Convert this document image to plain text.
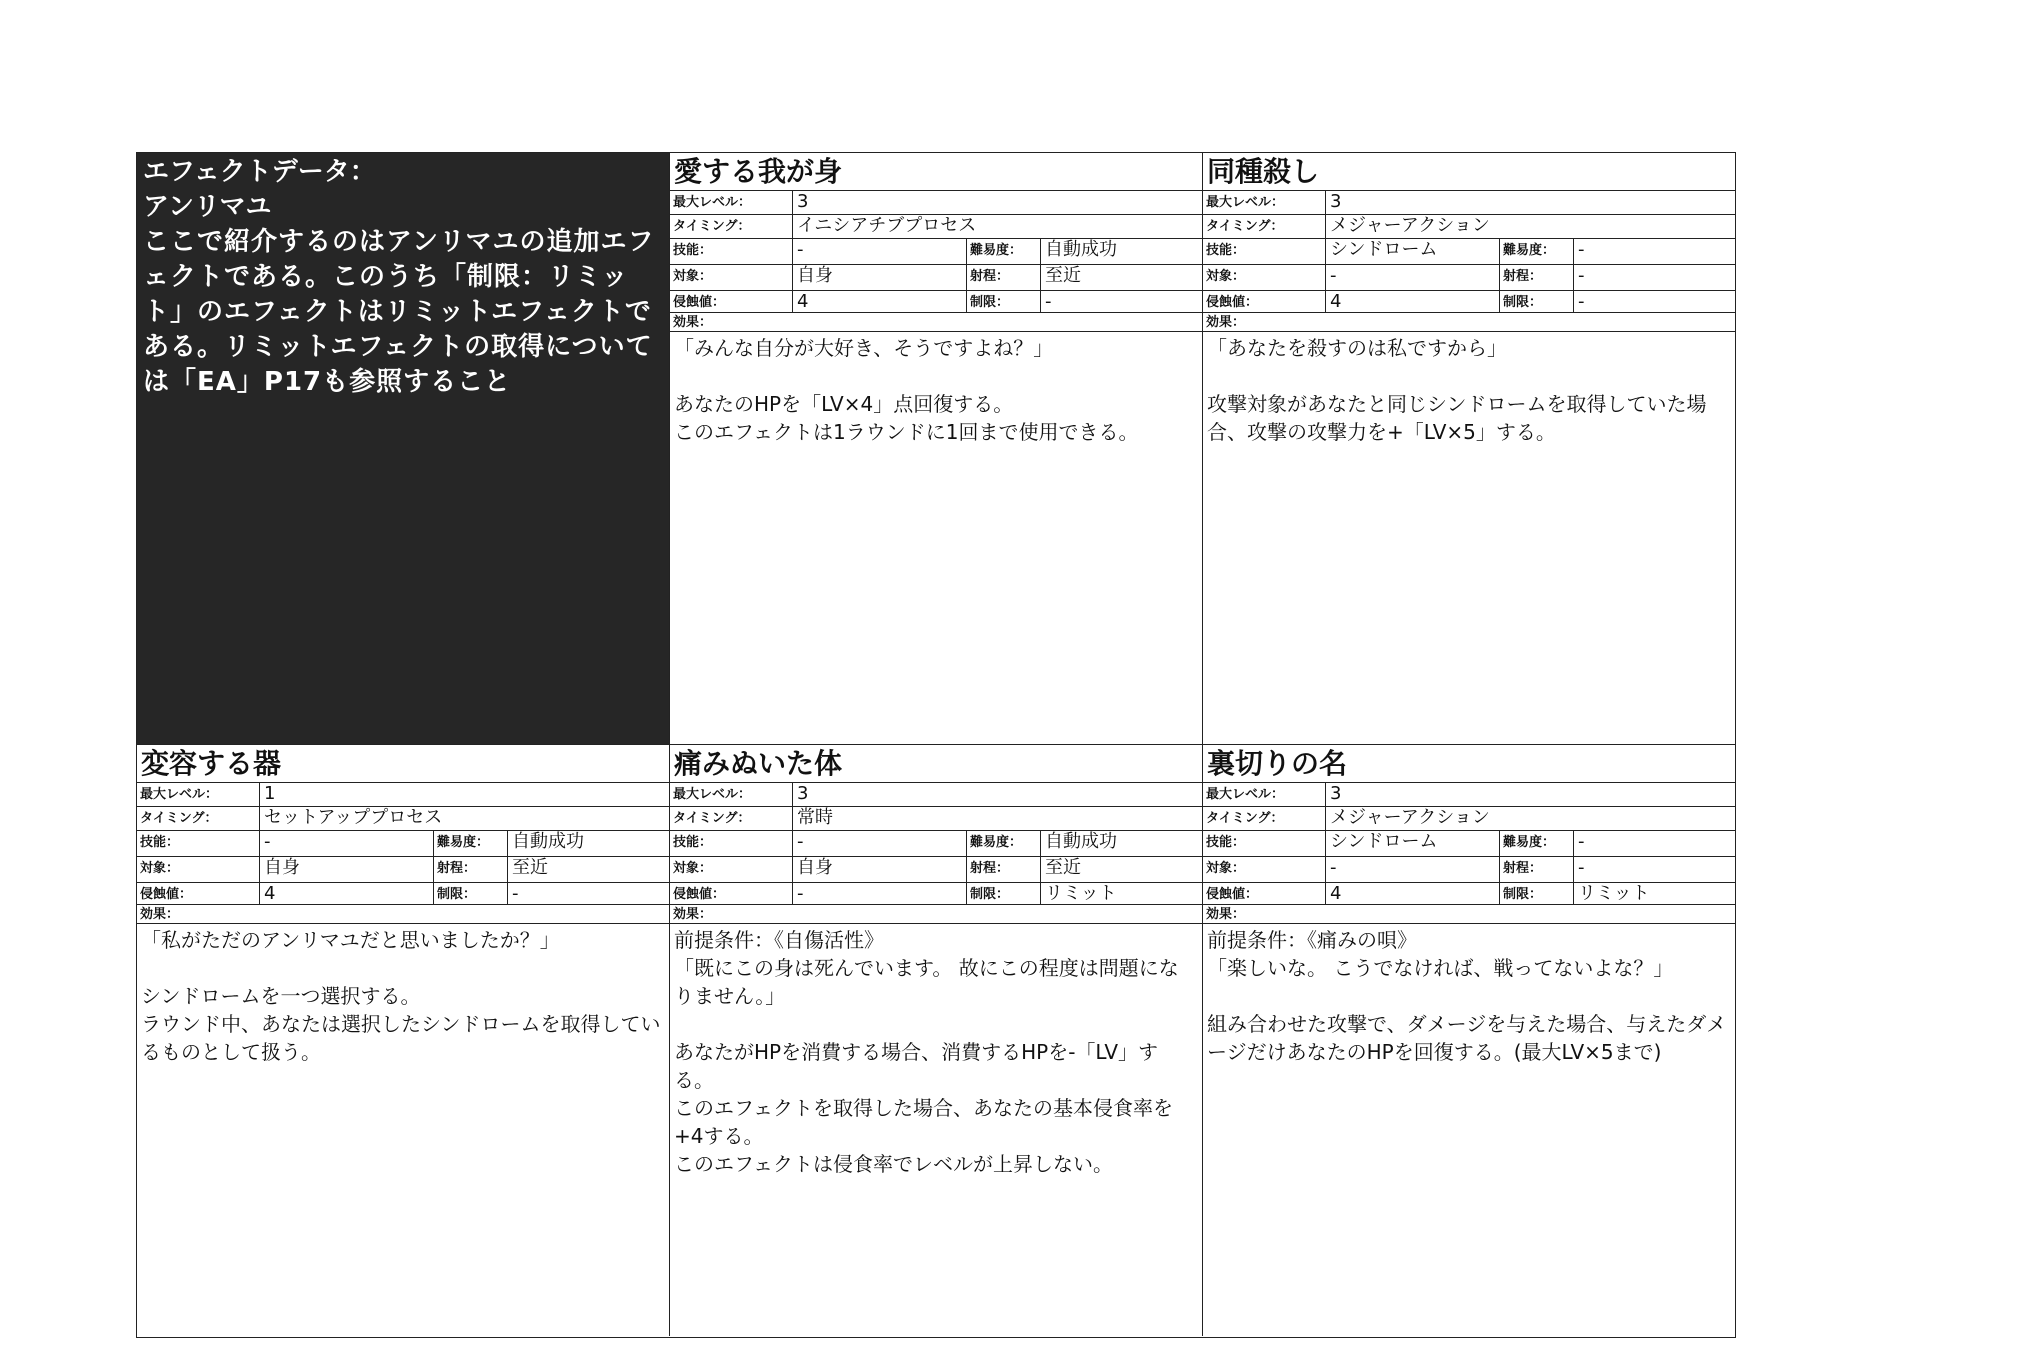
エフェクトデータ：
アンリマユ
ここで紹介するのはアンリマユの追加エフェクトである。このうち「制限：リミット」のエフェクトはリミットエフェクトである。リミットエフェクトの取得については「EA」P17も参照すること
愛する我が身
最大レベル：	3
タイミング：	イニシアチブプロセス
技能：	-	難易度：	自動成功
対象：	自身	射程：	至近
侵蝕値：	4	制限：	-
効果：
「みんな自分が大好き、そうですよね？」
あなたのHPを「LV×4」点回復する。
このエフェクトは1ラウンドに1回まで使用できる。
同種殺し
最大レベル：	3
タイミング：	メジャーアクション
技能：	シンドローム	難易度：	-
対象：	-	射程：	-
侵蝕値：	4	制限：	-
効果：
「あなたを殺すのは私ですから」
攻撃対象があなたと同じシンドロームを取得していた場合、攻撃の攻撃力を+「LV×5」する。
変容する器
最大レベル：	1
タイミング：	セットアッププロセス
技能：	-	難易度：	自動成功
対象：	自身	射程：	至近
侵蝕値：	4	制限：	-
効果：
「私がただのアンリマユだと思いましたか？」
シンドロームを一つ選択する。
ラウンド中、あなたは選択したシンドロームを取得しているものとして扱う。
痛みぬいた体
最大レベル：	3
タイミング：	常時
技能：	-	難易度：	自動成功
対象：	自身	射程：	至近
侵蝕値：	-	制限：	リミット
効果：
前提条件：《自傷活性》
「既にこの身は死んでいます。 故にこの程度は問題になりません。」
あなたがHPを消費する場合、消費するHPを-「LV」する。
このエフェクトを取得した場合、あなたの基本侵食率を+4する。
このエフェクトは侵食率でレベルが上昇しない。
裏切りの名
最大レベル：	3
タイミング：	メジャーアクション
技能：	シンドローム	難易度：	-
対象：	-	射程：	-
侵蝕値：	4	制限：	リミット
効果：
前提条件：《痛みの唄》
「楽しいな。 こうでなければ、戦ってないよな？」
組み合わせた攻撃で、ダメージを与えた場合、与えたダメージだけあなたのHPを回復する。(最大LV×5まで)
